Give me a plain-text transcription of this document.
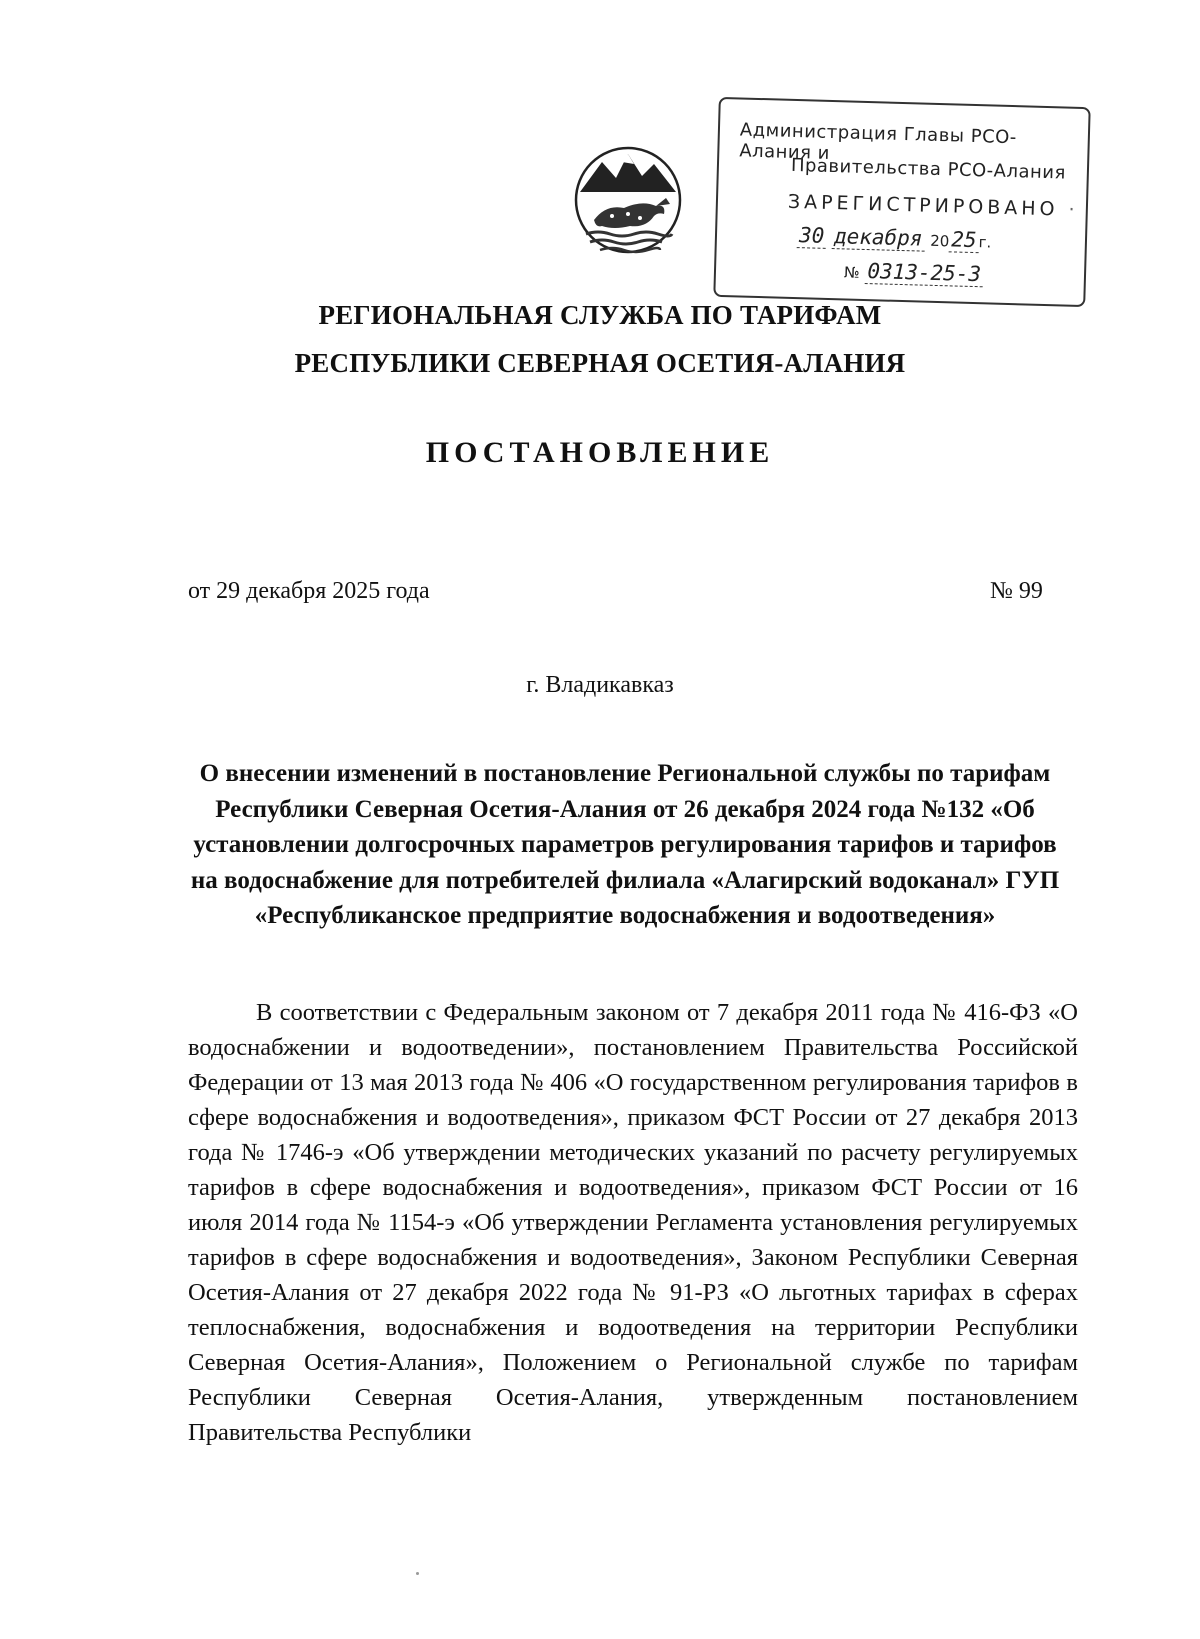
Администрация Главы РСО-Алания и
Правительства РСО-Алания
ЗАРЕГИСТРИРОВАНО ·
30 декабря 2025г.
№ 0313-25-3
РЕГИОНАЛЬНАЯ СЛУЖБА ПО ТАРИФАМ
РЕСПУБЛИКИ СЕВЕРНАЯ ОСЕТИЯ-АЛАНИЯ
ПОСТАНОВЛЕНИЕ
от 29 декабря 2025 года	№ 99
г. Владикавказ
О внесении изменений в постановление Региональной службы по тарифам Республики Северная Осетия-Алания от 26 декабря 2024 года №132 «Об установлении долгосрочных параметров регулирования тарифов и тарифов на водоснабжение для потребителей филиала «Алагирский водоканал» ГУП «Республиканское предприятие водоснабжения и водоотведения»
В соответствии с Федеральным законом от 7 декабря 2011 года № 416-ФЗ «О водоснабжении и водоотведении», постановлением Правительства Российской Федерации от 13 мая 2013 года № 406 «О государственном регулирования тарифов в сфере водоснабжения и водоотведения», приказом ФСТ России от 27 декабря 2013 года № 1746-э «Об утверждении методических указаний по расчету регулируемых тарифов в сфере водоснабжения и водоотведения», приказом ФСТ России от 16 июля 2014 года № 1154-э «Об утверждении Регламента установления регулируемых тарифов в сфере водоснабжения и водоотведения», Законом Республики Северная Осетия-Алания от 27 декабря 2022 года № 91-РЗ «О льготных тарифах в сферах теплоснабжения, водоснабжения и водоотведения на территории Республики Северная Осетия-Алания», Положением о Региональной службе по тарифам Республики Северная Осетия-Алания, утвержденным постановлением Правительства Республики
